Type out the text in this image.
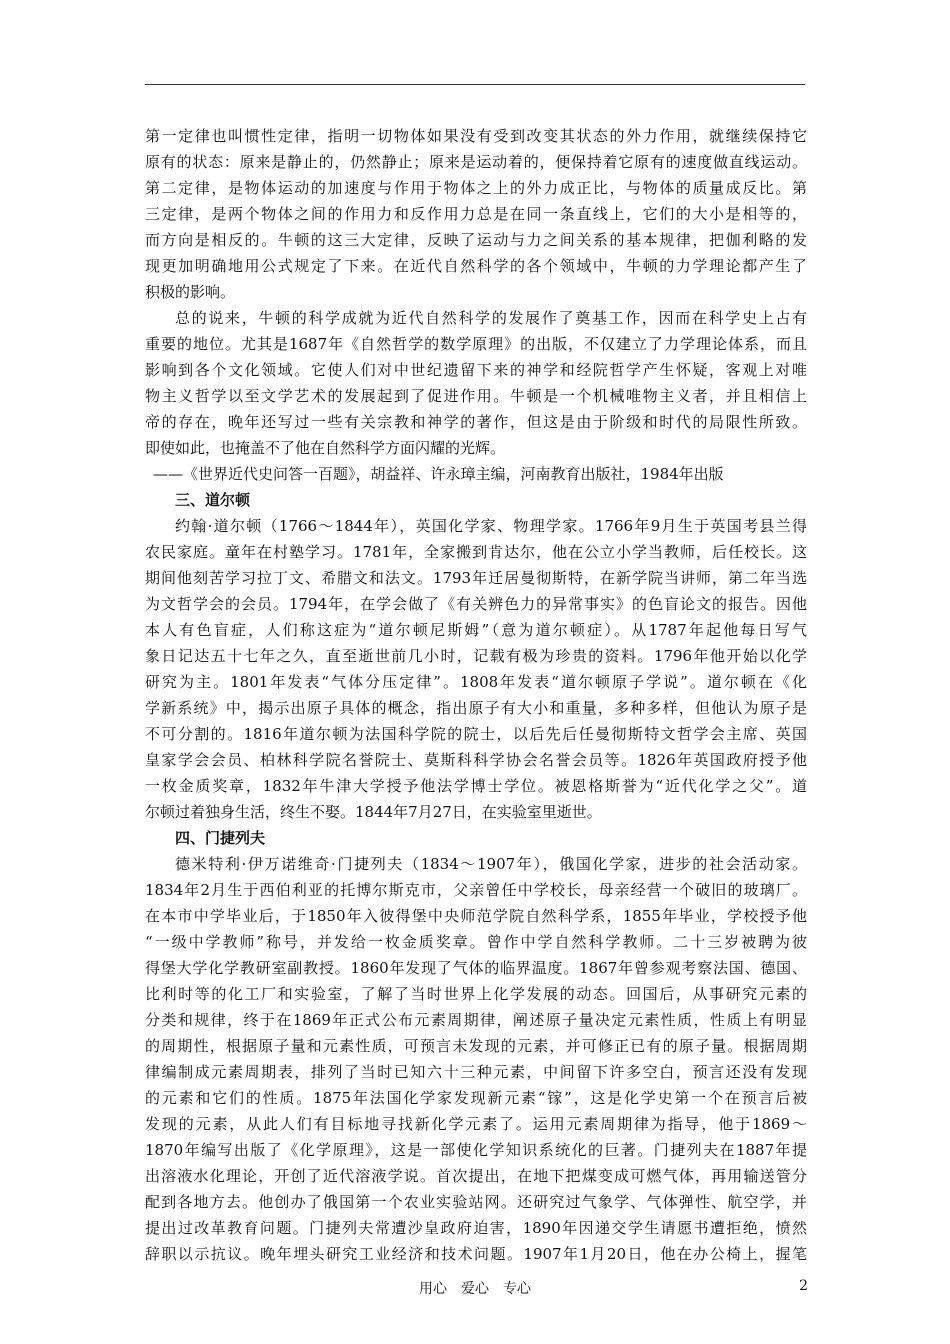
第一定律也叫惯性定律，指明一切物体如果没有受到改变其状态的外力作用，就继续保持它
原有的状态：原来是静止的，仍然静止；原来是运动着的，便保持着它原有的速度做直线运动。
第二定律，是物体运动的加速度与作用于物体之上的外力成正比，与物体的质量成反比。第
三定律，是两个物体之间的作用力和反作用力总是在同一条直线上，它们的大小是相等的，
而方向是相反的。牛顿的这三大定律，反映了运动与力之间关系的基本规律，把伽利略的发
现更加明确地用公式规定了下来。在近代自然科学的各个领域中，牛顿的力学理论都产生了
积极的影响。
总的说来，牛顿的科学成就为近代自然科学的发展作了奠基工作，因而在科学史上占有
重要的地位。尤其是1687年《自然哲学的数学原理》的出版，不仅建立了力学理论体系，而且
影响到各个文化领域。它使人们对中世纪遗留下来的神学和经院哲学产生怀疑，客观上对唯
物主义哲学以至文学艺术的发展起到了促进作用。牛顿是一个机械唯物主义者，并且相信上
帝的存在，晚年还写过一些有关宗教和神学的著作，但这是由于阶级和时代的局限性所致。
即使如此，也掩盖不了他在自然科学方面闪耀的光辉。
——《世界近代史问答一百题》，胡益祥、许永璋主编，河南教育出版社，1984年出版
三、道尔顿
约翰·道尔顿（1766～1844年），英国化学家、物理学家。1766年9月生于英国考县兰得
农民家庭。童年在村塾学习。1781年，全家搬到肯达尔，他在公立小学当教师，后任校长。这
期间他刻苦学习拉丁文、希腊文和法文。1793年迁居曼彻斯特，在新学院当讲师，第二年当选
为文哲学会的会员。1794年，在学会做了《有关辨色力的异常事实》的色盲论文的报告。因他
本人有色盲症，人们称这症为“道尔顿尼斯姆”（意为道尔顿症）。从1787年起他每日写气
象日记达五十七年之久，直至逝世前几小时，记载有极为珍贵的资料。1796年他开始以化学
研究为主。1801年发表“气体分压定律”。1808年发表“道尔顿原子学说”。道尔顿在《化
学新系统》中，揭示出原子具体的概念，指出原子有大小和重量，多种多样，但他认为原子是
不可分割的。1816年道尔顿为法国科学院的院士，以后先后任曼彻斯特文哲学会主席、英国
皇家学会会员、柏林科学院名誉院士、莫斯科科学协会名誉会员等。1826年英国政府授予他
一枚金质奖章，1832年牛津大学授予他法学博士学位。被恩格斯誉为“近代化学之父”。道
尔顿过着独身生活，终生不娶。1844年7月27日，在实验室里逝世。
四、门捷列夫
德米特利·伊万诺维奇·门捷列夫（1834～1907年），俄国化学家，进步的社会活动家。
1834年2月生于西伯利亚的托博尔斯克市，父亲曾任中学校长，母亲经营一个破旧的玻璃厂。
在本市中学毕业后，于1850年入彼得堡中央师范学院自然科学系，1855年毕业，学校授予他
“一级中学教师”称号，并发给一枚金质奖章。曾作中学自然科学教师。二十三岁被聘为彼
得堡大学化学教研室副教授。1860年发现了气体的临界温度。1867年曾参观考察法国、德国、
比利时等的化工厂和实验室，了解了当时世界上化学发展的动态。回国后，从事研究元素的
分类和规律，终于在1869年正式公布元素周期律，阐述原子量决定元素性质，性质上有明显
的周期性，根据原子量和元素性质，可预言未发现的元素，并可修正已有的原子量。根据周期
律编制成元素周期表，排列了当时已知六十三种元素，中间留下许多空白，预言还没有发现
的元素和它们的性质。1875年法国化学家发现新元素“镓”，这是化学史第一个在预言后被
发现的元素，从此人们有目标地寻找新化学元素了。运用元素周期律为指导，他于1869～
1870年编写出版了《化学原理》，这是一部使化学知识系统化的巨著。门捷列夫在1887年提
出溶液水化理论，开创了近代溶液学说。首次提出，在地下把煤变成可燃气体，再用输送管分
配到各地方去。他创办了俄国第一个农业实验站网。还研究过气象学、气体弹性、航空学，并
提出过改革教育问题。门捷列夫常遭沙皇政府迫害，1890年因递交学生请愿书遭拒绝，愤然
辞职以示抗议。晚年埋头研究工业经济和技术问题。1907年1月20日，他在办公椅上，握笔
用心　爱心　专心	2
